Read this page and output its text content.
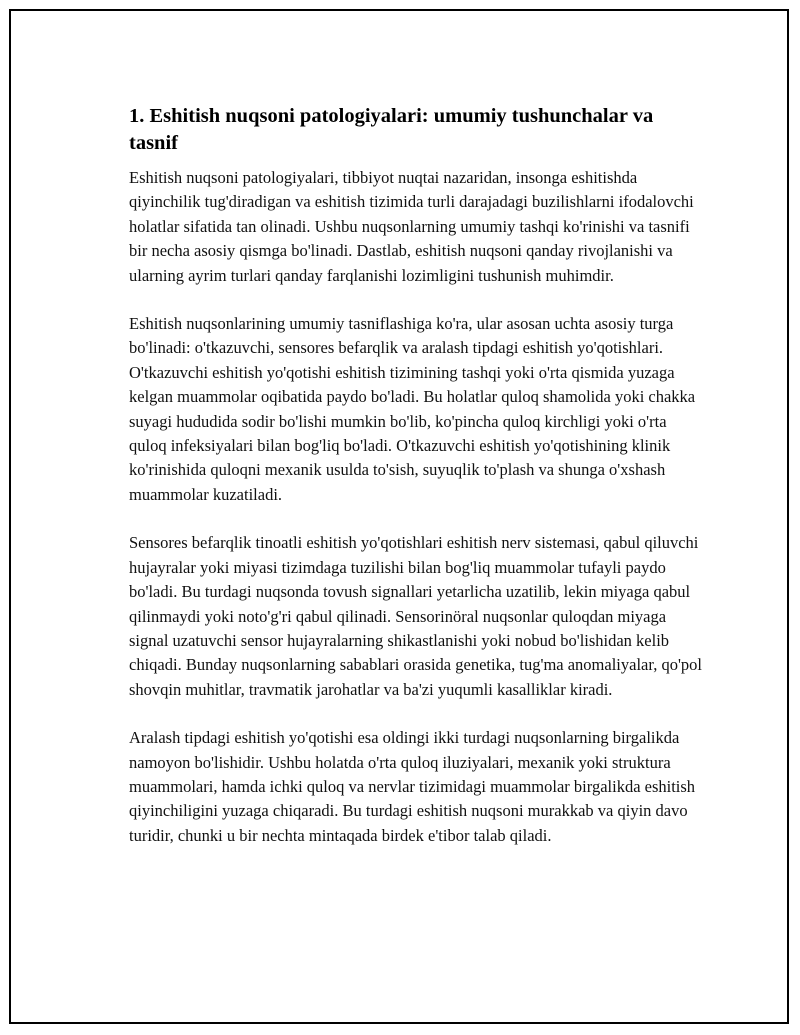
1. Eshitish nuqsoni patologiyalari: umumiy tushunchalar va tasnif

Eshitish nuqsoni patologiyalari, tibbiyot nuqtai nazaridan, insonga eshitishda qiyinchilik tug'diradigan va eshitish tizimida turli darajadagi buzilishlarni ifodalovchi holatlar sifatida tan olinadi. Ushbu nuqsonlarning umumiy tashqi ko'rinishi va tasnifi bir necha asosiy qismga bo'linadi. Dastlab, eshitish nuqsoni qanday rivojlanishi va ularning ayrim turlari qanday farqlanishi lozimligini tushunish muhimdir.

Eshitish nuqsonlarining umumiy tasniflashiga ko'ra, ular asosan uchta asosiy turga bo'linadi: o'tkazuvchi, sensores befarqlik va aralash tipdagi eshitish yo'qotishlari. O'tkazuvchi eshitish yo'qotishi eshitish tizimining tashqi yoki o'rta qismida yuzaga kelgan muammolar oqibatida paydo bo'ladi. Bu holatlar quloq shamolida yoki chakka suyagi hududida sodir bo'lishi mumkin bo'lib, ko'pincha quloq kirchligi yoki o'rta quloq infeksiyalari bilan bog'liq bo'ladi. O'tkazuvchi eshitish yo'qotishining klinik ko'rinishida quloqni mexanik usulda to'sish, suyuqlik to'plash va shunga o'xshash muammolar kuzatiladi.

Sensores befarqlik tinoatli eshitish yo'qotishlari eshitish nerv sistemasi, qabul qiluvchi hujayralar yoki miyasi tizimdaga tuzilishi bilan bog'liq muammolar tufayli paydo bo'ladi. Bu turdagi nuqsonda tovush signallari yetarlicha uzatilib, lekin miyaga qabul qilinmaydi yoki noto'g'ri qabul qilinadi. Sensorinöral nuqsonlar quloqdan miyaga signal uzatuvchi sensor hujayralarning shikastlanishi yoki nobud bo'lishidan kelib chiqadi. Bunday nuqsonlarning sabablari orasida genetika, tug'ma anomaliyalar, qo'pol shovqin muhitlar, travmatik jarohatlar va ba'zi yuqumli kasalliklar kiradi.

Aralash tipdagi eshitish yo'qotishi esa oldingi ikki turdagi nuqsonlarning birgalikda namoyon bo'lishidir. Ushbu holatda o'rta quloq iluziyalari, mexanik yoki struktura muammolari, hamda ichki quloq va nervlar tizimidagi muammolar birgalikda eshitish qiyinchiligini yuzaga chiqaradi. Bu turdagi eshitish nuqsoni murakkab va qiyin davo turidir, chunki u bir nechta mintaqada birdek e'tibor talab qiladi.
